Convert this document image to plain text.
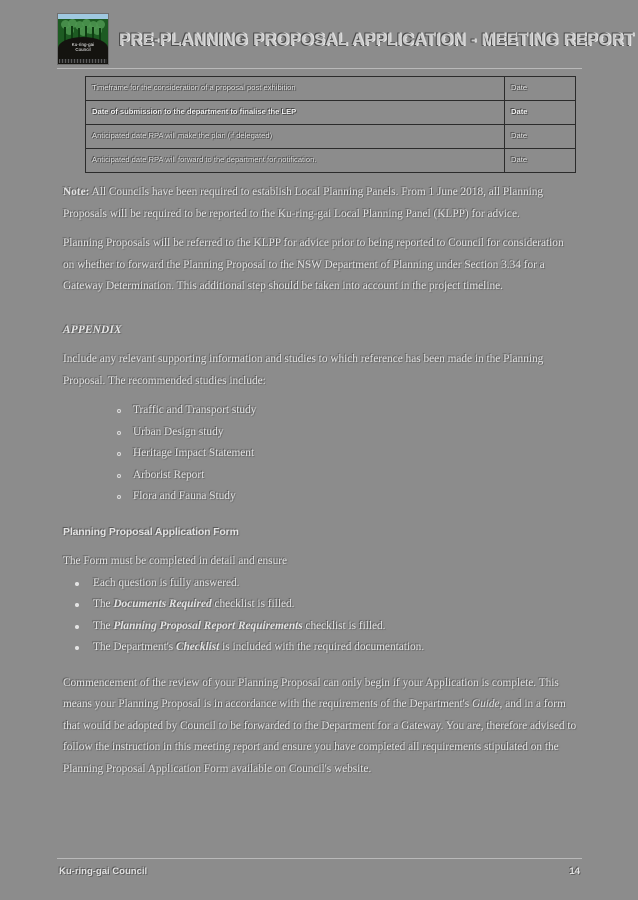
Ku-ring-gai
Council
PRE-PLANNING PROPOSAL APPLICATION - MEETING REPORT
Timeframe for the consideration of a proposal post exhibition	Date
Date of submission to the department to finalise the LEP	Date
Anticipated date RPA will make the plan (if delegated)	Date
Anticipated date RPA will forward to the department for notification.	Date

Note: All Councils have been required to establish Local Planning Panels. From 1 June 2018, all Planning Proposals will be required to be reported to the Ku-ring-gai Local Planning Panel (KLPP) for advice.

Planning Proposals will be referred to the KLPP for advice prior to being reported to Council for consideration on whether to forward the Planning Proposal to the NSW Department of Planning under Section 3.34 for a Gateway Determination. This additional step should be taken into account in the project timeline.

APPENDIX

Include any relevant supporting information and studies to which reference has been made in the Planning Proposal. The recommended studies include:

Traffic and Transport study
Urban Design study
Heritage Impact Statement
Arborist Report
Flora and Fauna Study

Planning Proposal Application Form

The Form must be completed in detail and ensure

Each question is fully answered.
The Documents Required checklist is filled.
The Planning Proposal Report Requirements checklist is filled.
The Department's Checklist is included with the required documentation.

Commencement of the review of your Planning Proposal can only begin if your Application is complete. This means your Planning Proposal is in accordance with the requirements of the Department's Guide, and in a form that would be adopted by Council to be forwarded to the Department for a Gateway. You are, therefore advised to follow the instruction in this meeting report and ensure you have completed all requirements stipulated on the Planning Proposal Application Form available on Council's website.

Ku-ring-gai Council	14
